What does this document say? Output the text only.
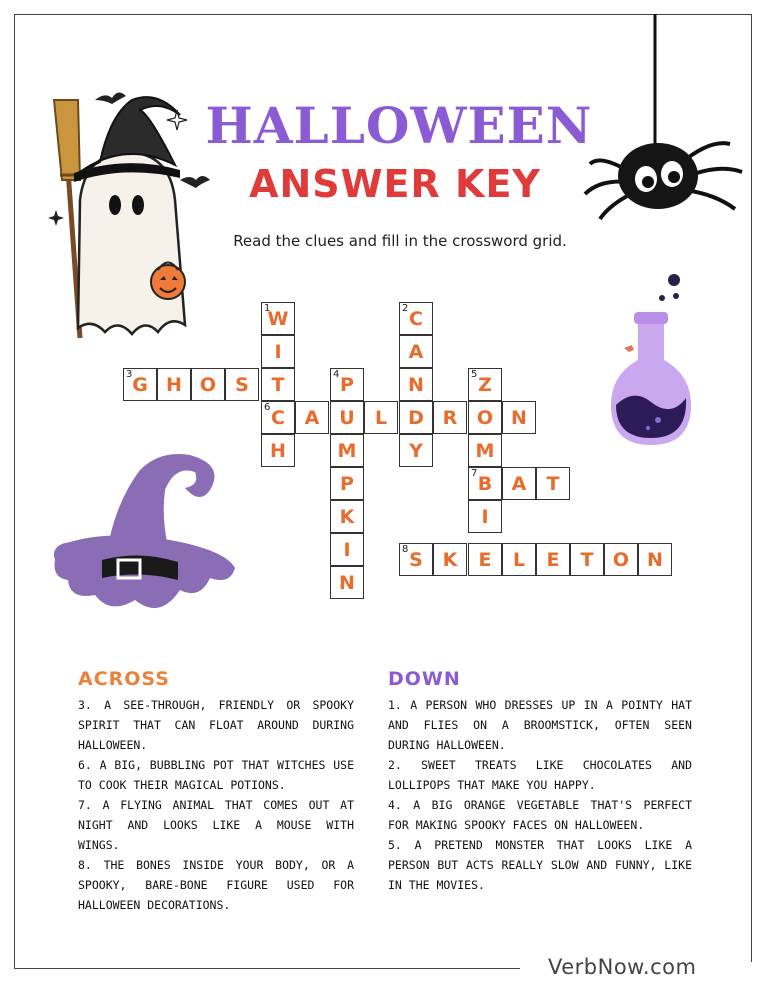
VerbNow.com
HALLOWEEN
ANSWER KEY
Read the clues and fill in the crossword grid.
1
W
I
T
6 C
H
2 C
A
N
D
Y
3 G H O S	4 P
U
M
P
K
I
N
A	L	R O N
5 Z
M
7 B
I
E
A T
8 S K	L E T O N
ACROSS

3. A SEE-THROUGH, FRIENDLY OR SPOOKY SPIRIT THAT CAN FLOAT AROUND DURING HALLOWEEN.

6. A BIG, BUBBLING POT THAT WITCHES USE TO COOK THEIR MAGICAL POTIONS.

7. A FLYING ANIMAL THAT COMES OUT AT NIGHT AND LOOKS LIKE A MOUSE WITH WINGS.

8. THE BONES INSIDE YOUR BODY, OR A SPOOKY, BARE-BONE FIGURE USED FOR HALLOWEEN DECORATIONS.

DOWN

1. A PERSON WHO DRESSES UP IN A POINTY HAT AND FLIES ON A BROOMSTICK, OFTEN SEEN DURING HALLOWEEN.

2. SWEET TREATS LIKE CHOCOLATES AND LOLLIPOPS THAT MAKE YOU HAPPY.

4. A BIG ORANGE VEGETABLE THAT'S PERFECT FOR MAKING SPOOKY FACES ON HALLOWEEN.

5. A PRETEND MONSTER THAT LOOKS LIKE A PERSON BUT ACTS REALLY SLOW AND FUNNY, LIKE IN THE MOVIES.
